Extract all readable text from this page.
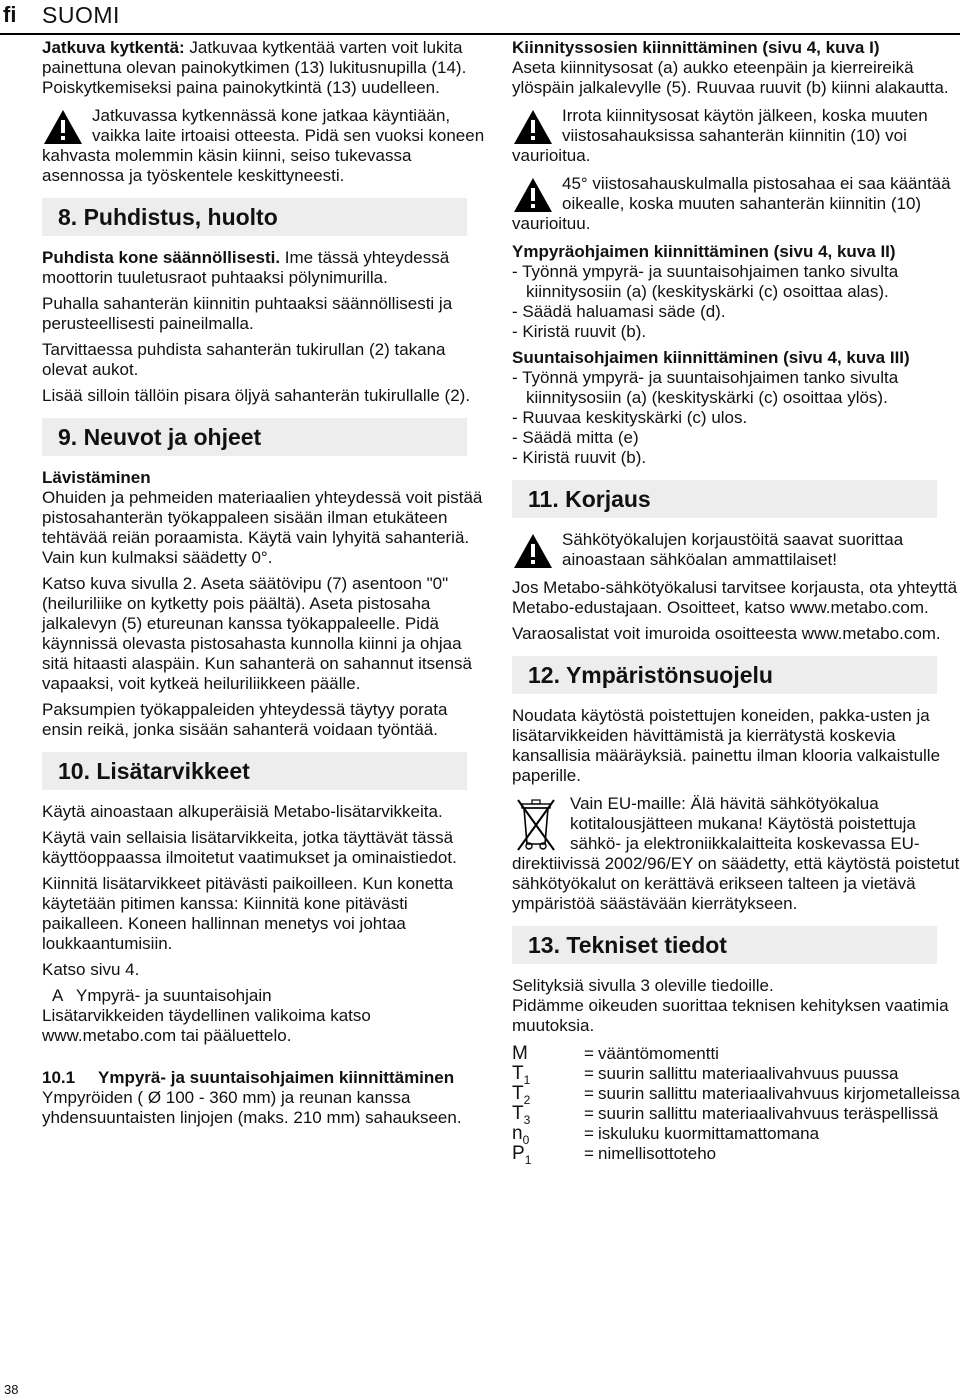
fi SUOMI
38

Jatkuva kytkentä: Jatkuvaa kytkentää varten voit lukita painettuna olevan painokytkimen (13) lukitusnupilla (14). Poiskytkemiseksi paina painokytkintä (13) uudelleen.

Jatkuvassa kytkennässä kone jatkaa käyntiään, vaikka laite irtoaisi otteesta. Pidä sen vuoksi koneen kahvasta molemmin käsin kiinni, seiso tukevassa asennossa ja työskentele keskittyneesti.
8. Puhdistus, huolto

Puhdista kone säännöllisesti. Ime tässä yhteydessä moottorin tuuletusraot puhtaaksi pölynimurilla.

Puhalla sahanterän kiinnitin puhtaaksi säännöllisesti ja perusteellisesti paineilmalla.

Tarvittaessa puhdista sahanterän tukirullan (2) takana olevat aukot.

Lisää silloin tällöin pisara öljyä sahanterän tukirullalle (2).

9. Neuvot ja ohjeet

Lävistäminen

Ohuiden ja pehmeiden materiaalien yhteydessä voit pistää pistosahanterän työkappaleen sisään ilman etukäteen tehtävää reiän poraamista. Käytä vain lyhyitä sahanteriä. Vain kun kulmaksi säädetty 0°.

Katso kuva sivulla 2. Aseta säätövipu (7) asentoon "0" (heiluriliike on kytketty pois päältä). Aseta pistosaha jalkalevyn (5) etureunan kanssa työkappaleelle. Pidä käynnissä olevasta pistosahasta kunnolla kiinni ja ohjaa sitä hitaasti alaspäin. Kun sahanterä on sahannut itsensä vapaaksi, voit kytkeä heiluriliikkeen päälle.

Paksumpien työkappaleiden yhteydessä täytyy porata ensin reikä, jonka sisään sahanterä voidaan työntää.

10. Lisätarvikkeet

Käytä ainoastaan alkuperäisiä Metabo-lisätarvikkeita.

Käytä vain sellaisia lisätarvikkeita, jotka täyttävät tässä käyttöoppaassa ilmoitetut vaatimukset ja ominaistiedot.

Kiinnitä lisätarvikkeet pitävästi paikoilleen. Kun konetta käytetään pitimen kanssa: Kiinnitä kone pitävästi paikalleen. Koneen hallinnan menetys voi johtaa loukkaantumisiin.

Katso sivu 4.

A Ympyrä- ja suuntaisohjain

Lisätarvikkeiden täydellinen valikoima katso www.metabo.com tai pääluettelo.

10.1	Ympyrä- ja suuntaisohjaimen kiinnittäminen

Ympyröiden ( Ø 100 - 360 mm) ja reunan kanssa yhdensuuntaisten linjojen (maks. 210 mm) sahaukseen.

Kiinnityssosien kiinnittäminen (sivu 4, kuva I)

Aseta kiinnitysosat (a) aukko eteenpäin ja kierreireikä ylöspäin jalkalevylle (5). Ruuvaa ruuvit (b) kiinni alakautta.

Irrota kiinnitysosat käytön jälkeen, koska muuten viistosahauksissa sahanterän kiinnitin (10) voi vaurioitua.
45° viistosahauskulmalla pistosahaa ei saa kääntää oikealle, koska muuten sahanterän kiinnitin (10) vaurioituu.

Ympyräohjaimen kiinnittäminen (sivu 4, kuva II)

- Työnnä ympyrä- ja suuntaisohjaimen tanko sivulta kiinnitysosiin (a) (keskityskärki (c) osoittaa alas).

- Säädä haluamasi säde (d).

- Kiristä ruuvit (b).

Suuntaisohjaimen kiinnittäminen (sivu 4, kuva III)

- Työnnä ympyrä- ja suuntaisohjaimen tanko sivulta kiinnitysosiin (a) (keskityskärki (c) osoittaa ylös).

- Ruuvaa keskityskärki (c) ulos.

- Säädä mitta (e)

- Kiristä ruuvit (b).

11. Korjaus
Sähkötyökalujen korjaustöitä saavat suorittaa ainoastaan sähköalan ammattilaiset!

Jos Metabo-sähkötyökalusi tarvitsee korjausta, ota yhteyttä Metabo-edustajaan. Osoitteet, katso www.metabo.com.

Varaosalistat voit imuroida osoitteesta www.metabo.com.

12. Ympäristönsuojelu

Noudata käytöstä poistettujen koneiden, pakka-usten ja lisätarvikkeiden hävittämistä ja kierrätystä koskevia kansallisia määräyksiä. painettu ilman klooria valkaistulle paperille.

Vain EU-maille: Älä hävitä sähkötyökalua kotitalousjätteen mukana! Käytöstä poistettuja sähkö- ja elektroniikkalaitteita koskevassa EU-direktiivissä 2002/96/EY on säädetty, että käytöstä poistetut sähkötyökalut on kerättävä erikseen talteen ja vietävä ympäristöä säästävään kierrätykseen.
13. Tekniset tiedot

Selityksiä sivulla 3 oleville tiedoille.

Pidämme oikeuden suorittaa teknisen kehityksen vaatimia muutoksia.

M	=	vääntömomentti
$T_1$	=	suurin sallittu materiaalivahvuus puussa
$T_2$	=	suurin sallittu materiaalivahvuus kirjometalleissa
$T_3$	=	suurin sallittu materiaalivahvuus teräspellissä
$n_0$	=	iskuluku kuormittamattomana
$P_1$	=	nimellisottoteho
